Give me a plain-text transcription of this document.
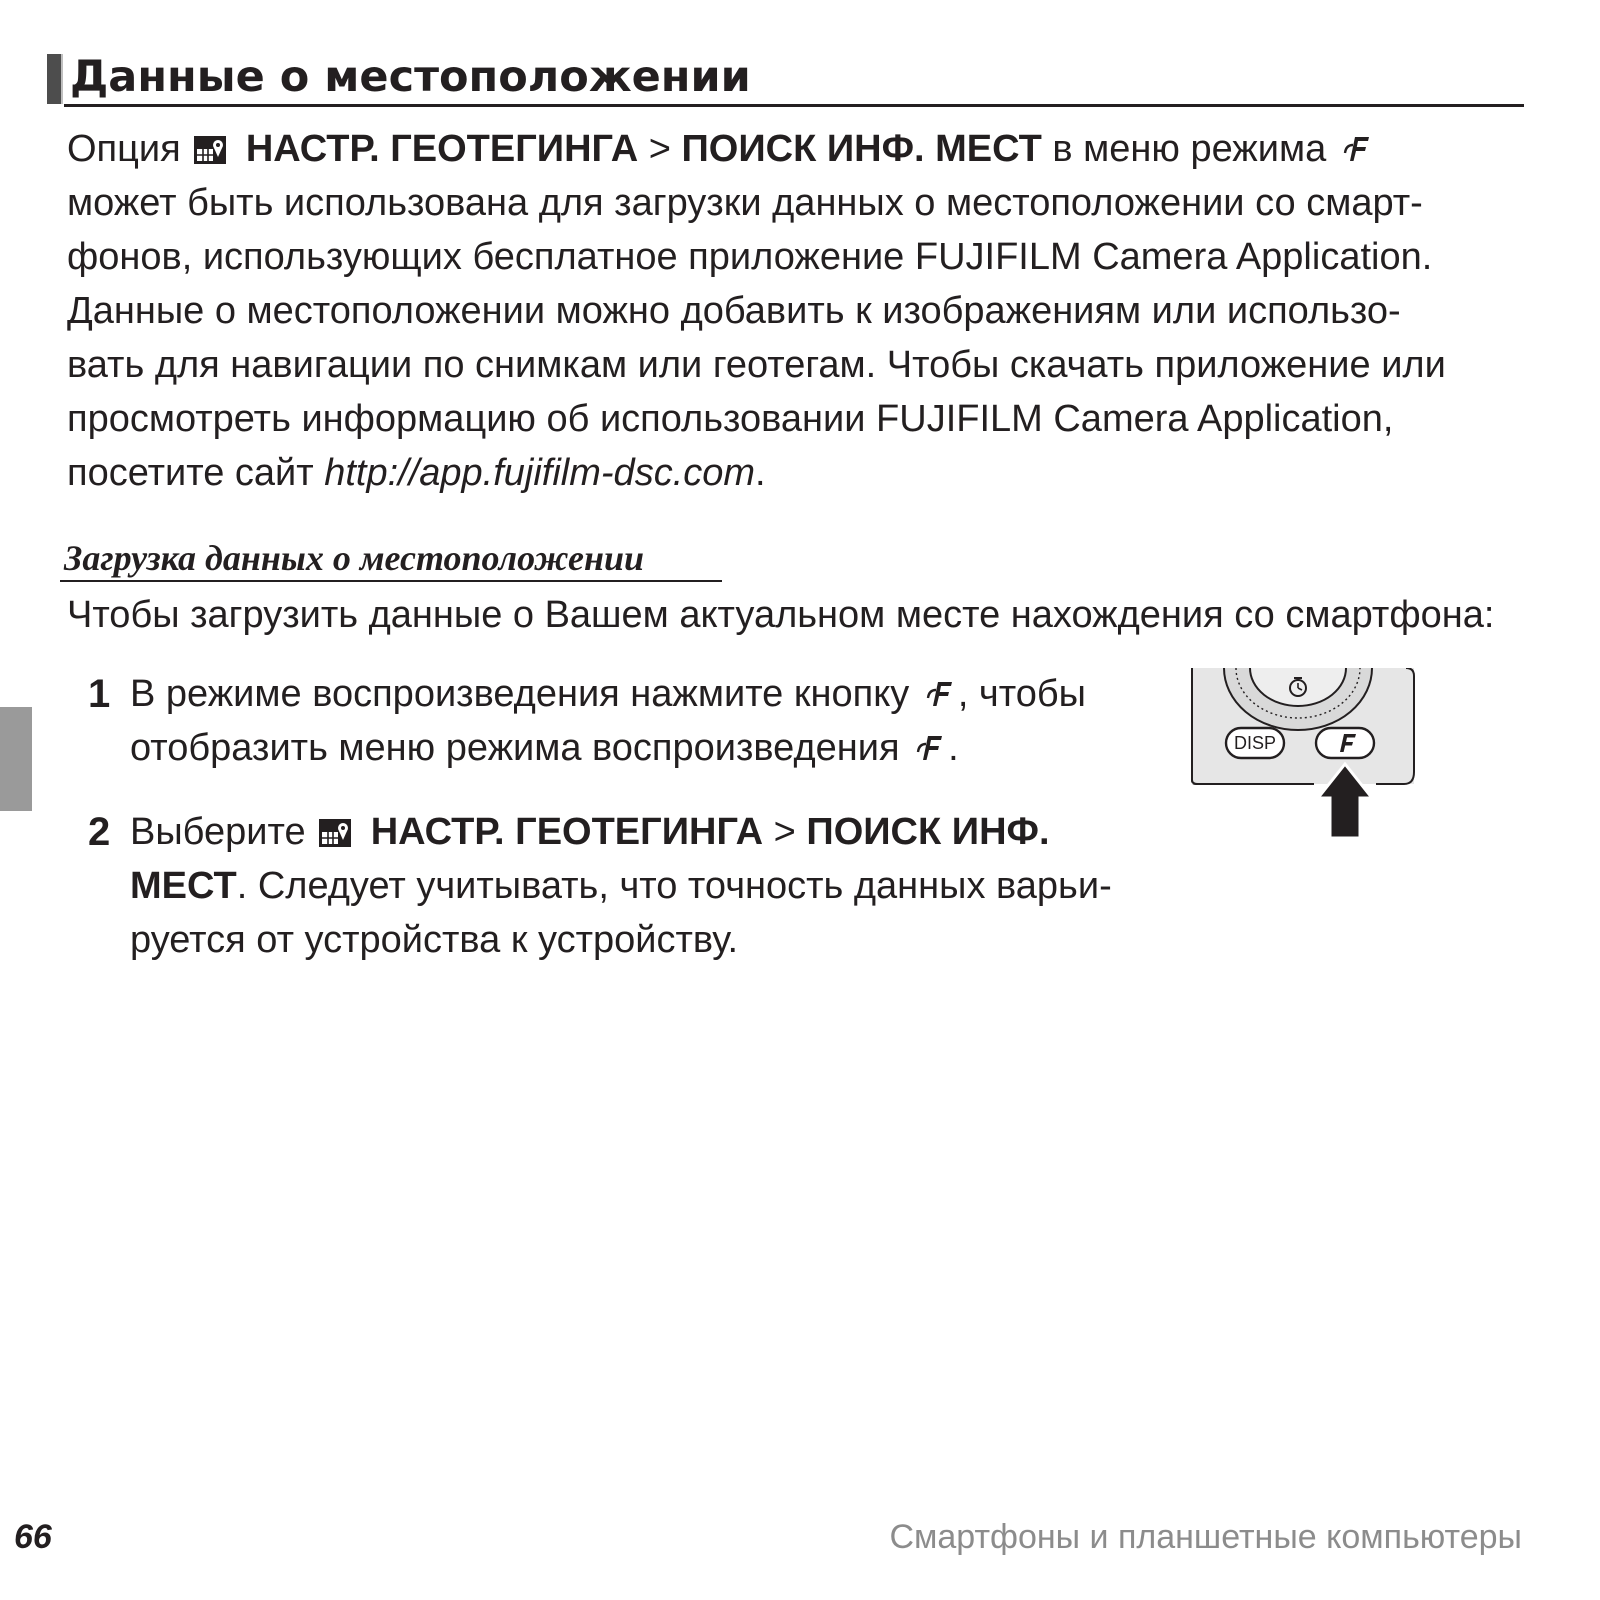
Данные о местоположении
Опция НАСТР. ГЕОТЕГИНГА > ПОИСК ИНФ. МЕСТ в меню режима
может быть использована для загрузки данных о местоположении со смарт-
фонов, использующих бесплатное приложение FUJIFILM Camera Application.
Данные о местоположении можно добавить к изображениям или использо-
вать для навигации по снимкам или геотегам. Чтобы скачать приложение или
просмотреть информацию об использовании FUJIFILM Camera Application,
посетите сайт http://app.fujifilm-dsc.com.
Загрузка данных о местоположении

Чтобы загрузить данные о Вашем актуальном месте нахождения со смартфона:

1 В режиме воспроизведения нажмите кнопку , чтобы
отобразить меню режима воспроизведения .
2 Выберите НАСТР. ГЕОТЕГИНГА > ПОИСК ИНФ.
МЕСТ. Следует учитывать, что точность данных варьи-
руется от устройства к устройству.
DISP

66	Смартфоны и планшетные компьютеры
